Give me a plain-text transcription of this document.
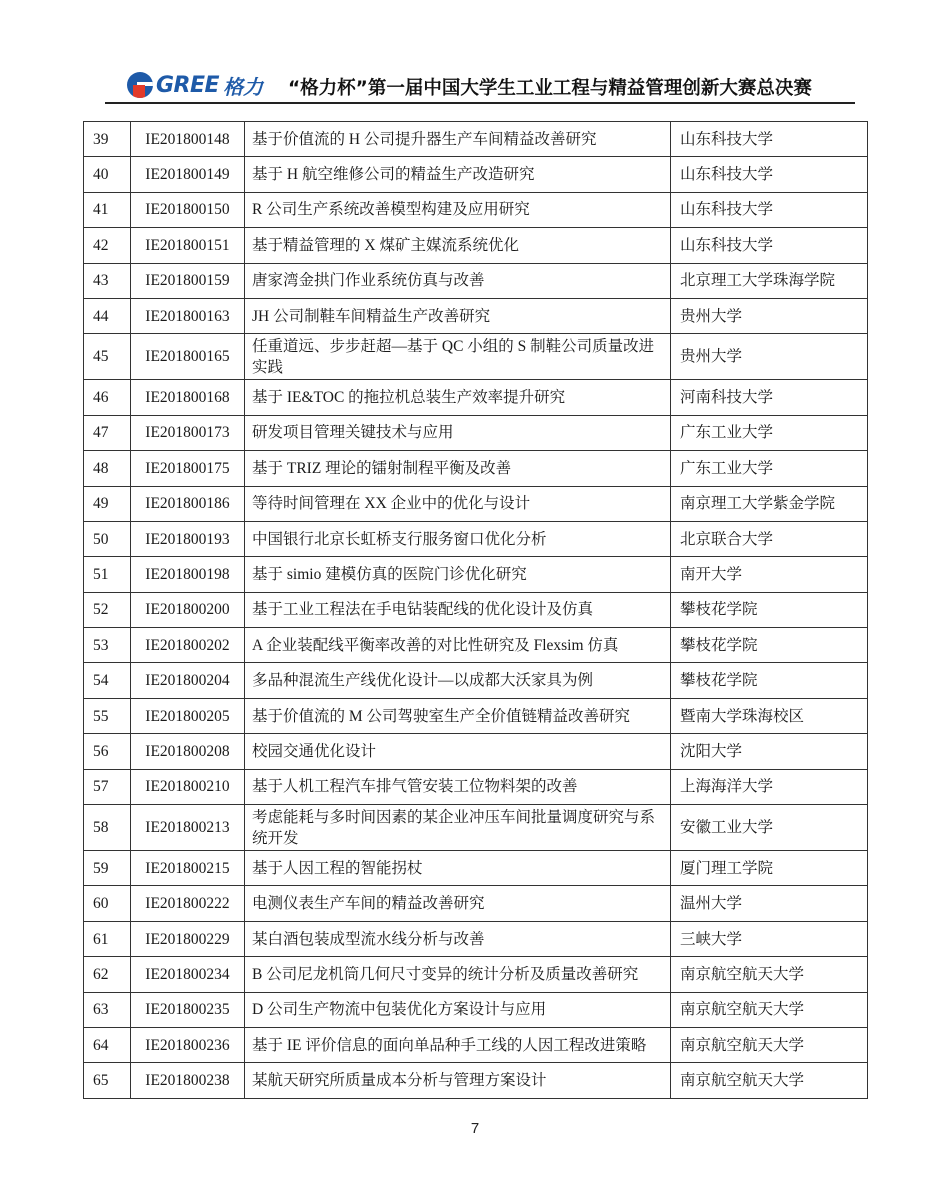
GREE 格力 “格力杯”第一届中国大学生工业工程与精益管理创新大赛总决赛
39	IE201800148	基于价值流的 H 公司提升器生产车间精益改善研究	山东科技大学
40	IE201800149	基于 H 航空维修公司的精益生产改造研究	山东科技大学
41	IE201800150	R 公司生产系统改善模型构建及应用研究	山东科技大学
42	IE201800151	基于精益管理的 X 煤矿主媒流系统优化	山东科技大学
43	IE201800159	唐家湾金拱门作业系统仿真与改善	北京理工大学珠海学院
44	IE201800163	JH 公司制鞋车间精益生产改善研究	贵州大学
45	IE201800165	任重道远、步步赶超—基于 QC 小组的 S 制鞋公司质量改进实践	贵州大学
46	IE201800168	基于 IE&TOC 的拖拉机总装生产效率提升研究	河南科技大学
47	IE201800173	研发项目管理关键技术与应用	广东工业大学
48	IE201800175	基于 TRIZ 理论的镭射制程平衡及改善	广东工业大学
49	IE201800186	等待时间管理在 XX 企业中的优化与设计	南京理工大学紫金学院
50	IE201800193	中国银行北京长虹桥支行服务窗口优化分析	北京联合大学
51	IE201800198	基于 simio 建模仿真的医院门诊优化研究	南开大学
52	IE201800200	基于工业工程法在手电钻装配线的优化设计及仿真	攀枝花学院
53	IE201800202	A 企业装配线平衡率改善的对比性研究及 Flexsim 仿真	攀枝花学院
54	IE201800204	多品种混流生产线优化设计—以成都大沃家具为例	攀枝花学院
55	IE201800205	基于价值流的 M 公司驾驶室生产全价值链精益改善研究	暨南大学珠海校区
56	IE201800208	校园交通优化设计	沈阳大学
57	IE201800210	基于人机工程汽车排气管安装工位物料架的改善	上海海洋大学
58	IE201800213	考虑能耗与多时间因素的某企业冲压车间批量调度研究与系统开发	安徽工业大学
59	IE201800215	基于人因工程的智能拐杖	厦门理工学院
60	IE201800222	电测仪表生产车间的精益改善研究	温州大学
61	IE201800229	某白酒包装成型流水线分析与改善	三峡大学
62	IE201800234	B 公司尼龙机筒几何尺寸变异的统计分析及质量改善研究	南京航空航天大学
63	IE201800235	D 公司生产物流中包装优化方案设计与应用	南京航空航天大学
64	IE201800236	基于 IE 评价信息的面向单品种手工线的人因工程改进策略	南京航空航天大学
65	IE201800238	某航天研究所质量成本分析与管理方案设计	南京航空航天大学
7
